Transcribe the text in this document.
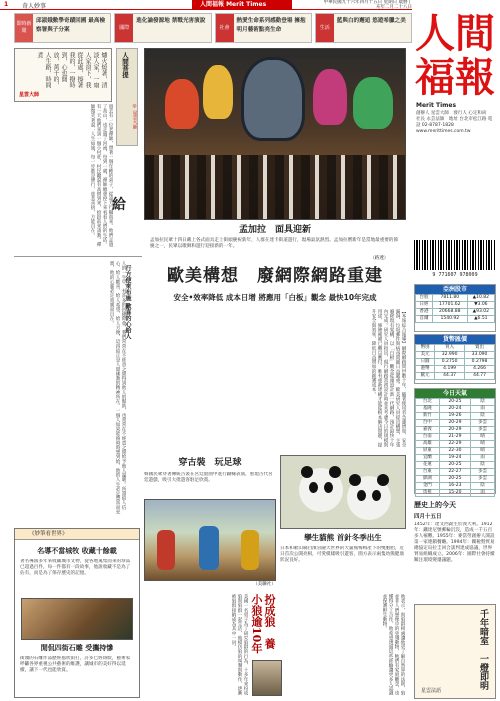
1 奇人妙事	人間福報 Merit Times	中華民國九十六年四月十五日 星期日 農曆丁亥年二月二十八日
即時新聞
邱淑娥數學奇蹟回國 最高檢察署與子分案	國際
進化論發源地 禁戰光害演說
社會
熱愛生命系列感動登場 擁抱明月藝術點亮生命	生活
藍與白的邂逅 悠遊希臘之美
爐火燒著，清淡人家，一扇人家窗下，我從此處，擦著我的，一撥時到，心也開放，萬千的，人生路，時間煮
星雲大師
人間菩提
過去有一位老禪師，帶著一個年輕的弟子，從遠方行腳而來。他們走過了高山，也走過了河流，每到一處，禪師總會停下來看看人們的生活。有一天他們來到一個小村莊，村民聽說有高僧到來，紛紛前來請教。禪師微笑著說：人生如旅，每一步都是修行，慈悲喜捨，方能自在。	◎ 星雲大師
給
人的一生中，有許多的因緣際會，我們常常在不經意之間得到他人的幫助，也常常在不經意之間給予他人溫暖。所謂給人信心、給人歡喜、給人希望、給人方便，這四給正是人間佛教的精神所在。一個人如果能夠時時想到給，他的人生必定豐富而充實，他的心靈必定寬廣而自在。	行方便來布施 歡喜的心給人
《妙筆看世界》
名導不當城牧 收藏十餘載
著名導演多年來收藏城市文物，從各地蒐集而來的珍品已超過百件，每一件都有一段故事，他說收藏不是為了佔有，而是為了保存歷史的記憶。
閒侃四街石雕 受攜持慘
街頭的石雕作品歷經風吹雨打，許多已經斑駁，藝術家呼籲各界重視公共藝術的維護，讓城市的美好得以延續，讓下一代也能欣賞。
孟加拉　面具迎新
孟加拉民眾十四日戴上各式面具走上街頭慶祝新年，人群在達卡街道遊行，現場氣氛熱烈。孟加拉曆新年是當地最重要的節慶之一，民眾以歌舞和遊行迎接新的一年。
（路透）
歐美構想　廢網際網路重建
安全•效率降低 成本日增 將應用「白板」觀念 最快10年完成
【本報綜合報導】網際網路問世數十年，隨著使用者急遽增加，安全漏洞、垃圾郵件與病毒問題日益嚴重。歐美研究人員提出構想，主張廢除現有架構，以「白板」觀念從頭設計新一代網路，預計最快十年內完成。研究人員指出，現行網路當初設計時並未考慮今日的規模與用途，修修補補已難以應付，唯有重新建構才能從根本解決問題，提升安全與效率，降低日益增加的維護成本。
穿古裝　玩足球
韓國民眾穿著傳統古裝在宮廷庭園中進行蹴鞠表演，重現古代宮廷遊戲，吸引大批遊客駐足欣賞。
（美聯社）
孿生貓熊 首針冬季出生
日本和歌山縣白濱冒險大世界的大貓熊梅梅產下的雙胞胎，近日首次公開亮相，可愛模樣吸引遊客，園方表示兩隻幼熊健康狀況良好。
美國一名男子為了研究狼群的行為，十多年來扮成狼與狼群一起生活，他模仿狼的叫聲與動作，逐漸被狼群接納成為其中一員。	扮成狼　養小狼逾10年	他表示，與狼群相處讓他更了解自然界的法則，狼並非人們想像中的兇殘動物，牠們有家庭觀念，也懂得分工合作，他希望透過這些經驗讓更多人認識並保護野生動物。
人間
福報
Merit Times
創辦人 星雲大師　發行人 心定和尚　社長 永芸法師　地址 台北市松江路 電話 02-8787-1828　www.merittimes.com.tw
9 771607 978009
亞洲股市
台股	7811.80	▲10.82
日經	17701.62	▼3.06
香港	20668.88	▲93.02
首爾	1540.92	▲6.51
貨幣匯價
幣別	買入	賣出
美元	32.990	33.090
日圓	0.2750	0.2798
港幣	4.199	4.266
歐元	44.37	44.77
今日天氣
台北	20-25	陰
基隆	20-24	雨
新竹	19-26	陰
台中	20-29	多雲
嘉義	20-29	多雲
台南	21-29	晴
高雄	22-29	晴
屏東	22-30	晴
宜蘭	19-24	雨
花蓮	20-25	陰
台東	22-27	多雲
澎湖	20-25	多雲
金門	16-23	陰
馬祖	15-20	雨
歷史上的今天
四月十五日
1452年：達文西誕生於義大利。1912年：鐵達尼號郵輪沉沒，造成一千五百多人罹難。1955年：麥當勞創辦人開設第一家連鎖餐廳。1994年：關稅暨貿易總協定烏拉圭回合談判達成協議，世界貿易組織成立。2006年：國際社會持續關注環境變遷議題。
千年暗室　一燈即明
星雲法語
